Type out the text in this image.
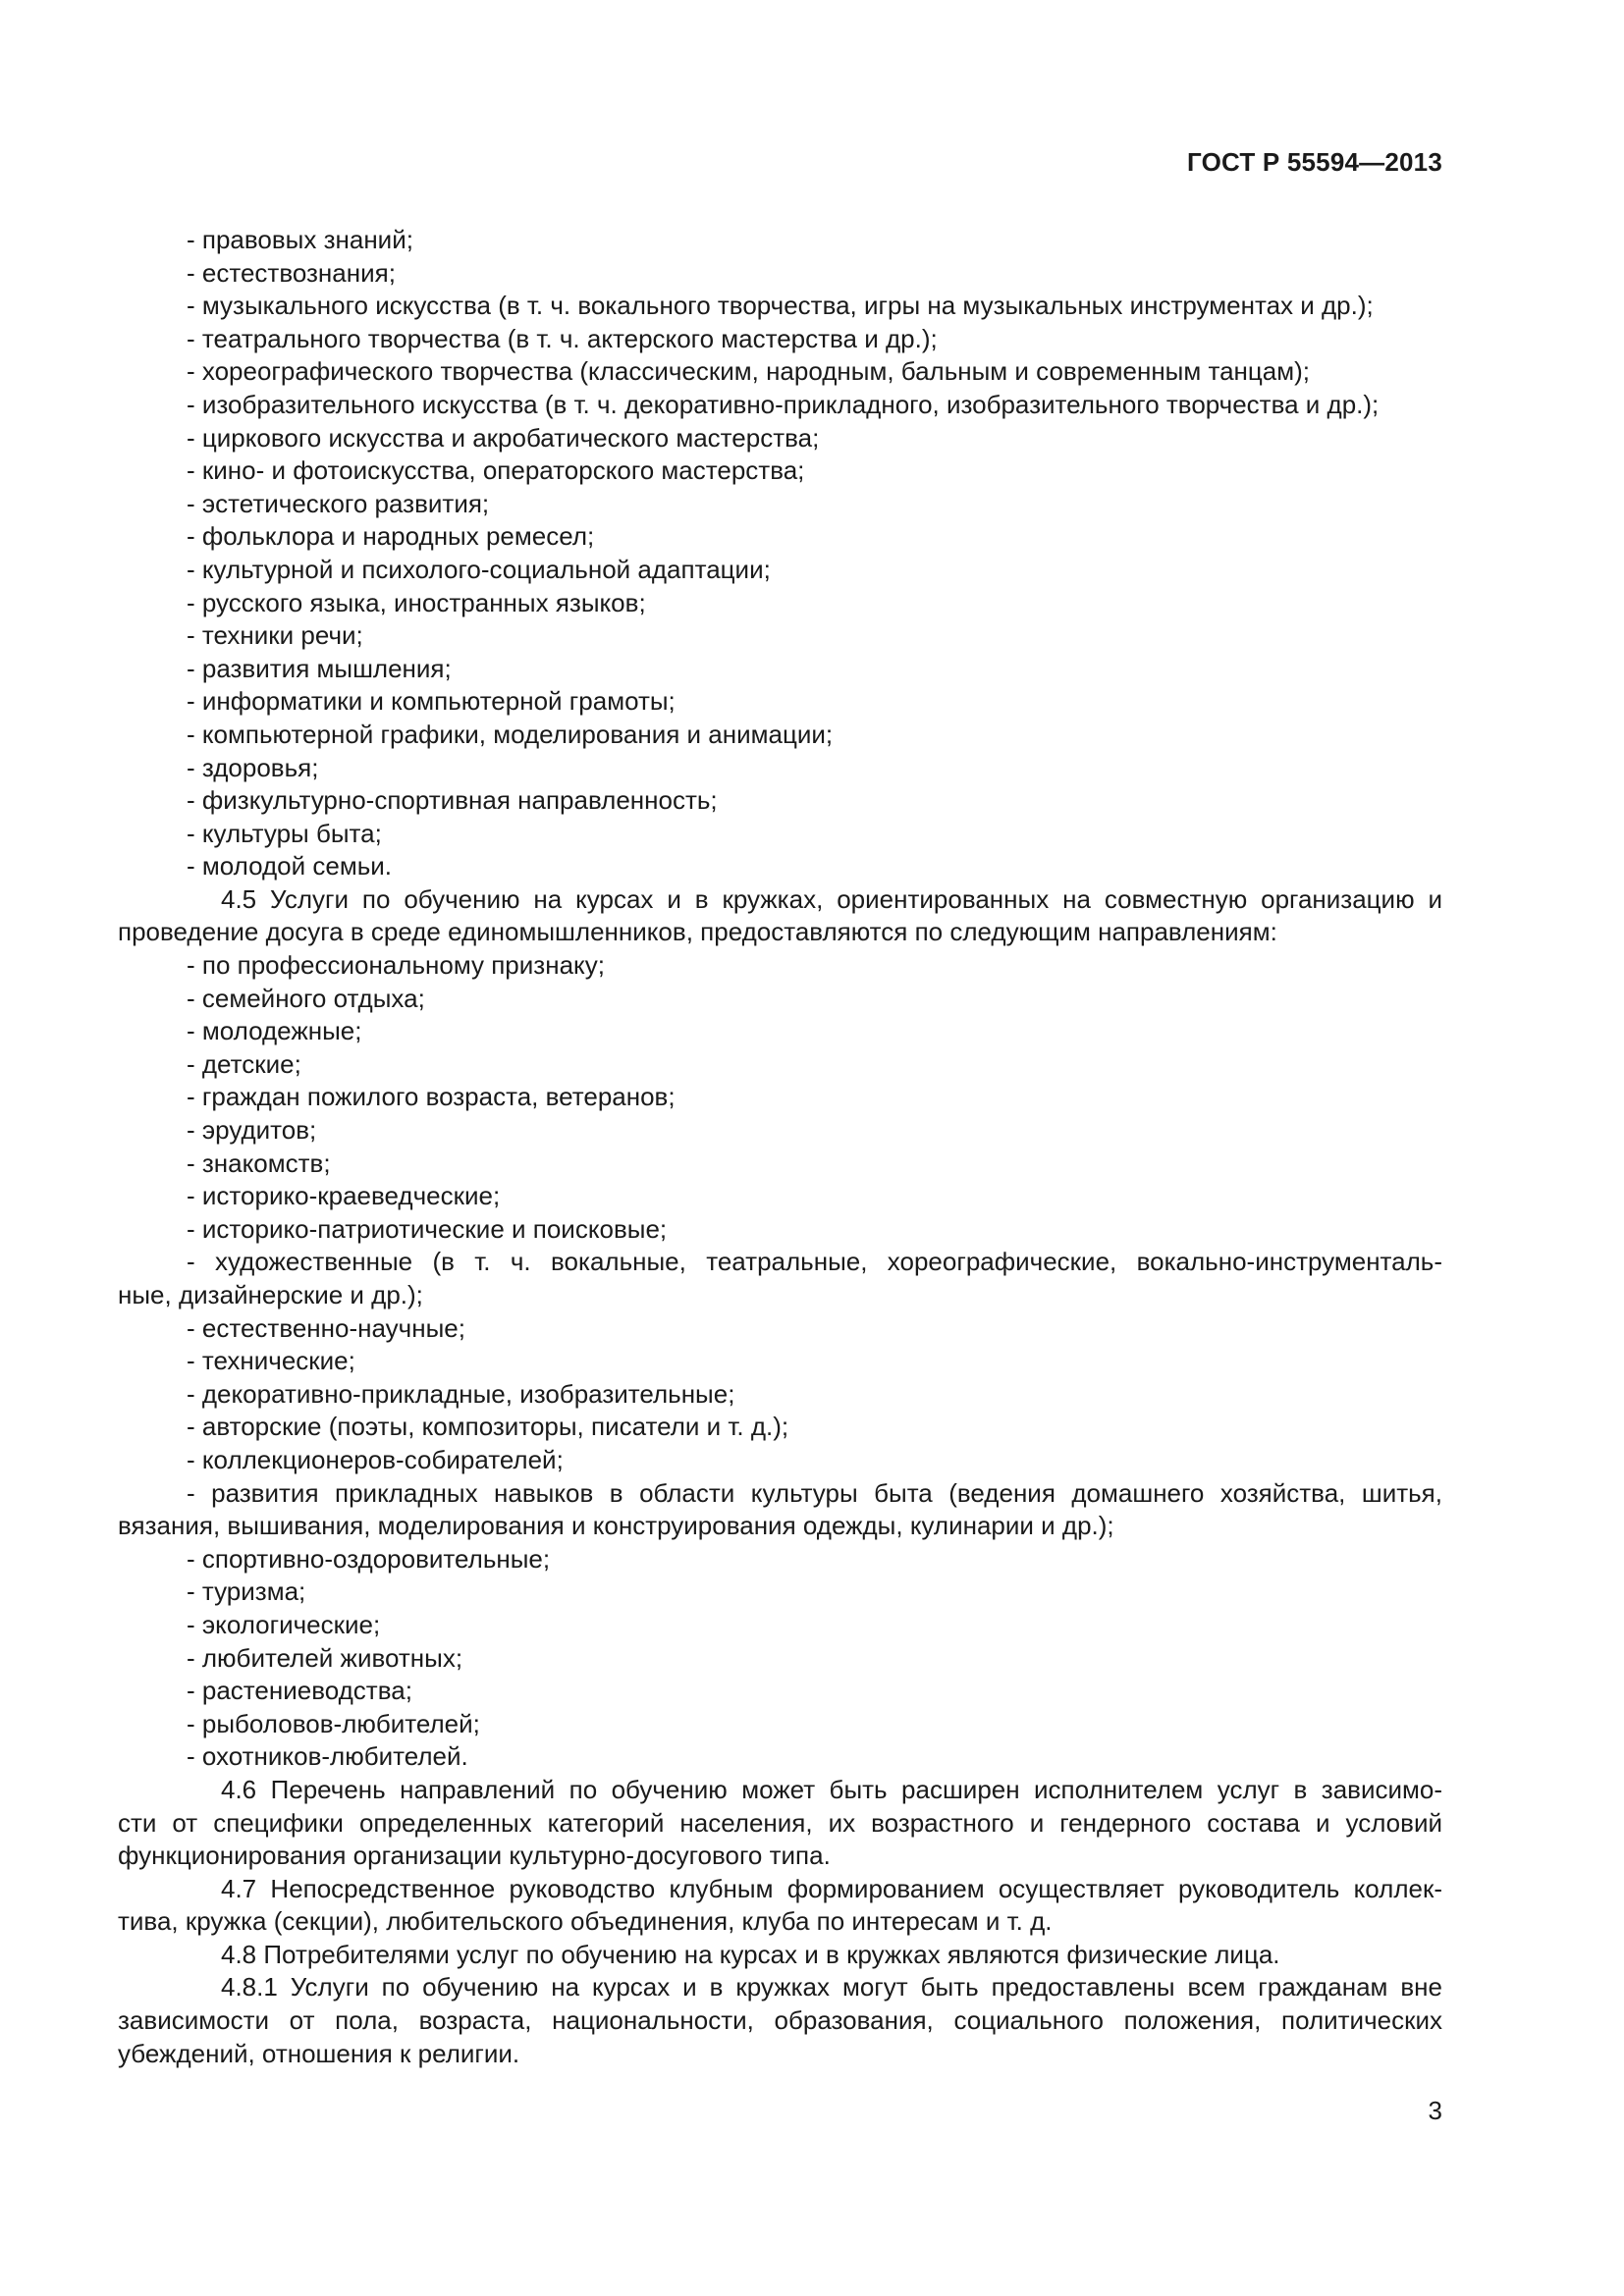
ГОСТ Р 55594—2013
- правовых знаний;
- естествознания;
- музыкального искусства (в т. ч. вокального творчества, игры на музыкальных инструментах и др.);
- театрального творчества (в т. ч. актерского мастерства и др.);
- хореографического творчества (классическим, народным, бальным и современным танцам);
- изобразительного искусства (в т. ч. декоративно-прикладного, изобразительного творчества и др.);
- циркового искусства и акробатического мастерства;
- кино- и фотоискусства, операторского мастерства;
- эстетического развития;
- фольклора и народных ремесел;
- культурной и психолого-социальной адаптации;
- русского языка, иностранных языков;
- техники речи;
- развития мышления;
- информатики и компьютерной грамоты;
- компьютерной графики, моделирования и анимации;
- здоровья;
- физкультурно-спортивная направленность;
- культуры быта;
- молодой семьи.
4.5 Услуги по обучению на курсах и в кружках, ориентированных на совместную организацию и
проведение досуга в среде единомышленников, предоставляются по следующим направлениям:
- по профессиональному признаку;
- семейного отдыха;
- молодежные;
- детские;
- граждан пожилого возраста, ветеранов;
- эрудитов;
- знакомств;
- историко-краеведческие;
- историко-патриотические и поисковые;
- художественные (в т. ч. вокальные, театральные, хореографические, вокально-инструменталь-
ные, дизайнерские и др.);
- естественно-научные;
- технические;
- декоративно-прикладные, изобразительные;
- авторские (поэты, композиторы, писатели и т. д.);
- коллекционеров-собирателей;
- развития прикладных навыков в области культуры быта (ведения домашнего хозяйства, шитья,
вязания, вышивания, моделирования и конструирования одежды, кулинарии и др.);
- спортивно-оздоровительные;
- туризма;
- экологические;
- любителей животных;
- растениеводства;
- рыболовов-любителей;
- охотников-любителей.
4.6 Перечень направлений по обучению может быть расширен исполнителем услуг в зависимо-
сти от специфики определенных категорий населения, их возрастного и гендерного состава и условий
функционирования организации культурно-досугового типа.
4.7 Непосредственное руководство клубным формированием осуществляет руководитель коллек-
тива, кружка (секции), любительского объединения, клуба по интересам и т. д.
4.8 Потребителями услуг по обучению на курсах и в кружках являются физические лица.
4.8.1 Услуги по обучению на курсах и в кружках могут быть предоставлены всем гражданам вне
зависимости от пола, возраста, национальности, образования, социального положения, политических
убеждений, отношения к религии.
3
